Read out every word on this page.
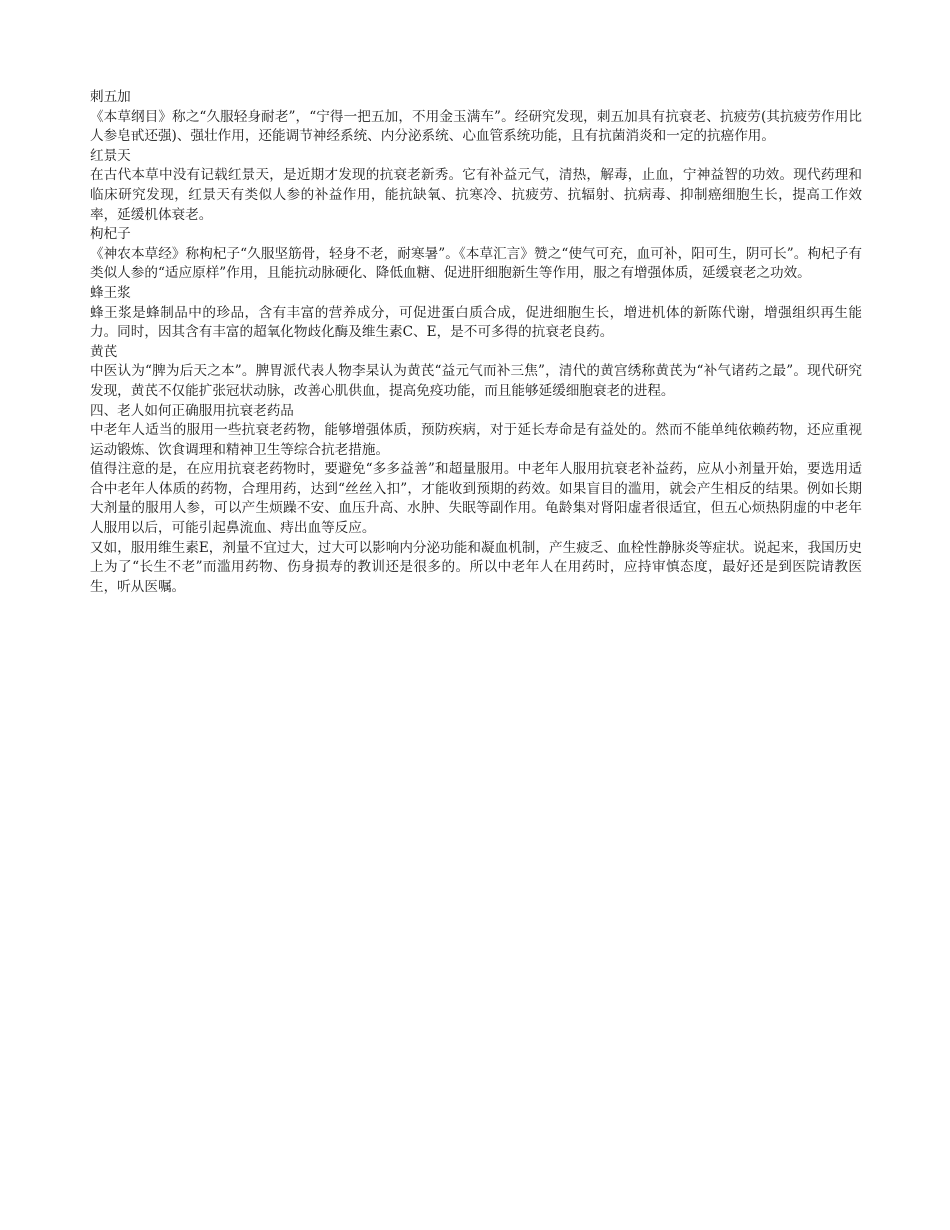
刺五加

《本草纲目》称之“久服轻身耐老”，“宁得一把五加，不用金玉满车”。经研究发现，刺五加具有抗衰老、抗疲劳(其抗疲劳作用比人参皂甙还强)、强壮作用，还能调节神经系统、内分泌系统、心血管系统功能，且有抗菌消炎和一定的抗癌作用。

红景天

在古代本草中没有记载红景天，是近期才发现的抗衰老新秀。它有补益元气，清热，解毒，止血，宁神益智的功效。现代药理和临床研究发现，红景天有类似人参的补益作用，能抗缺氧、抗寒冷、抗疲劳、抗辐射、抗病毒、抑制癌细胞生长，提高工作效率，延缓机体衰老。

枸杞子

《神农本草经》称枸杞子“久服坚筋骨，轻身不老，耐寒暑”。《本草汇言》赞之“使气可充，血可补，阳可生，阴可长”。枸杞子有类似人参的“适应原样”作用，且能抗动脉硬化、降低血糖、促进肝细胞新生等作用，服之有增强体质，延缓衰老之功效。

蜂王浆

蜂王浆是蜂制品中的珍品，含有丰富的营养成分，可促进蛋白质合成，促进细胞生长，增进机体的新陈代谢，增强组织再生能力。同时，因其含有丰富的超氧化物歧化酶及维生素C、E，是不可多得的抗衰老良药。

黄芪

中医认为“脾为后天之本”。脾胃派代表人物李杲认为黄芪“益元气而补三焦”，清代的黄宫绣称黄芪为“补气诸药之最”。现代研究发现，黄芪不仅能扩张冠状动脉，改善心肌供血，提高免疫功能，而且能够延缓细胞衰老的进程。

四、老人如何正确服用抗衰老药品

中老年人适当的服用一些抗衰老药物，能够增强体质，预防疾病，对于延长寿命是有益处的。然而不能单纯依赖药物，还应重视运动锻炼、饮食调理和精神卫生等综合抗老措施。

值得注意的是，在应用抗衰老药物时，要避免“多多益善”和超量服用。中老年人服用抗衰老补益药，应从小剂量开始，要选用适合中老年人体质的药物，合理用药，达到“丝丝入扣”，才能收到预期的药效。如果盲目的滥用，就会产生相反的结果。例如长期大剂量的服用人参，可以产生烦躁不安、血压升高、水肿、失眠等副作用。龟龄集对肾阳虚者很适宜，但五心烦热阴虚的中老年人服用以后，可能引起鼻流血、痔出血等反应。

又如，服用维生素E，剂量不宜过大，过大可以影响内分泌功能和凝血机制，产生疲乏、血栓性静脉炎等症状。说起来，我国历史上为了“长生不老”而滥用药物、伤身损寿的教训还是很多的。所以中老年人在用药时，应持审慎态度，最好还是到医院请教医生，听从医嘱。
